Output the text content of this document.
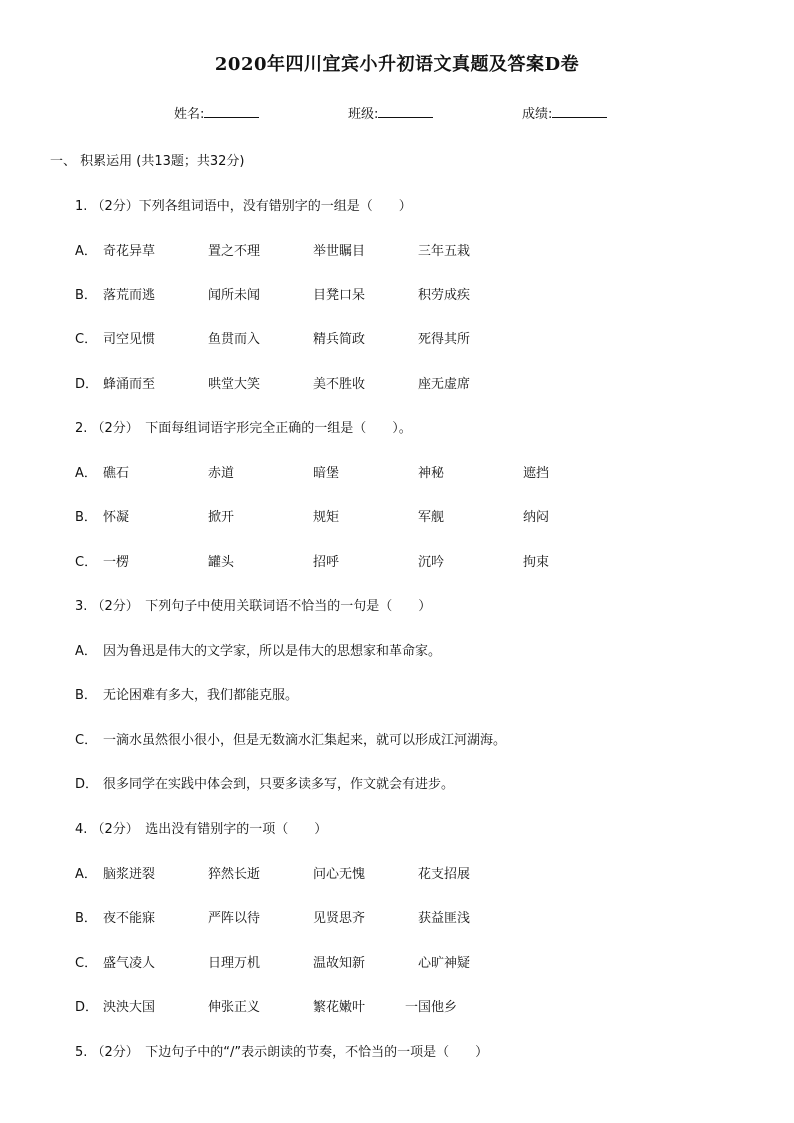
2020年四川宜宾小升初语文真题及答案D卷
姓名:	班级:	成绩:
一、 积累运用 (共13题；共32分)
1. （2分）下列各组词语中，没有错别字的一组是（　　）
A． 奇花异草	置之不理	举世瞩目	三年五栽
B． 落荒而逃	闻所未闻	目凳口呆	积劳成疾
C． 司空见惯	鱼贯而入	精兵简政	死得其所
D． 蜂涌而至	哄堂大笑	美不胜收	座无虚席
2. （2分）　下面每组词语字形完全正确的一组是（　　）。
A． 礁石	赤道	暗堡	神秘	遮挡
B． 怀凝	掀开	规矩	军舰	纳闷
C． 一楞	罐头	招呼	沉吟	拘束
3. （2分）　下列句子中使用关联词语不恰当的一句是（　　）
A． 因为鲁迅是伟大的文学家，所以是伟大的思想家和革命家。
B． 无论困难有多大，我们都能克服。
C． 一滴水虽然很小很小，但是无数滴水汇集起来，就可以形成江河湖海。
D． 很多同学在实践中体会到，只要多读多写，作文就会有进步。
4. （2分）　选出没有错别字的一项（　　）
A． 脑浆迸裂	猝然长逝	问心无愧	花支招展
B． 夜不能寐	严阵以待	见贤思齐	获益匪浅
C． 盛气凌人	日理万机	温故知新	心旷神疑
D． 泱泱大国	伸张正义	繁花嫩叶	一国他乡
5. （2分）　下边句子中的“/”表示朗读的节奏，不恰当的一项是（　　）
